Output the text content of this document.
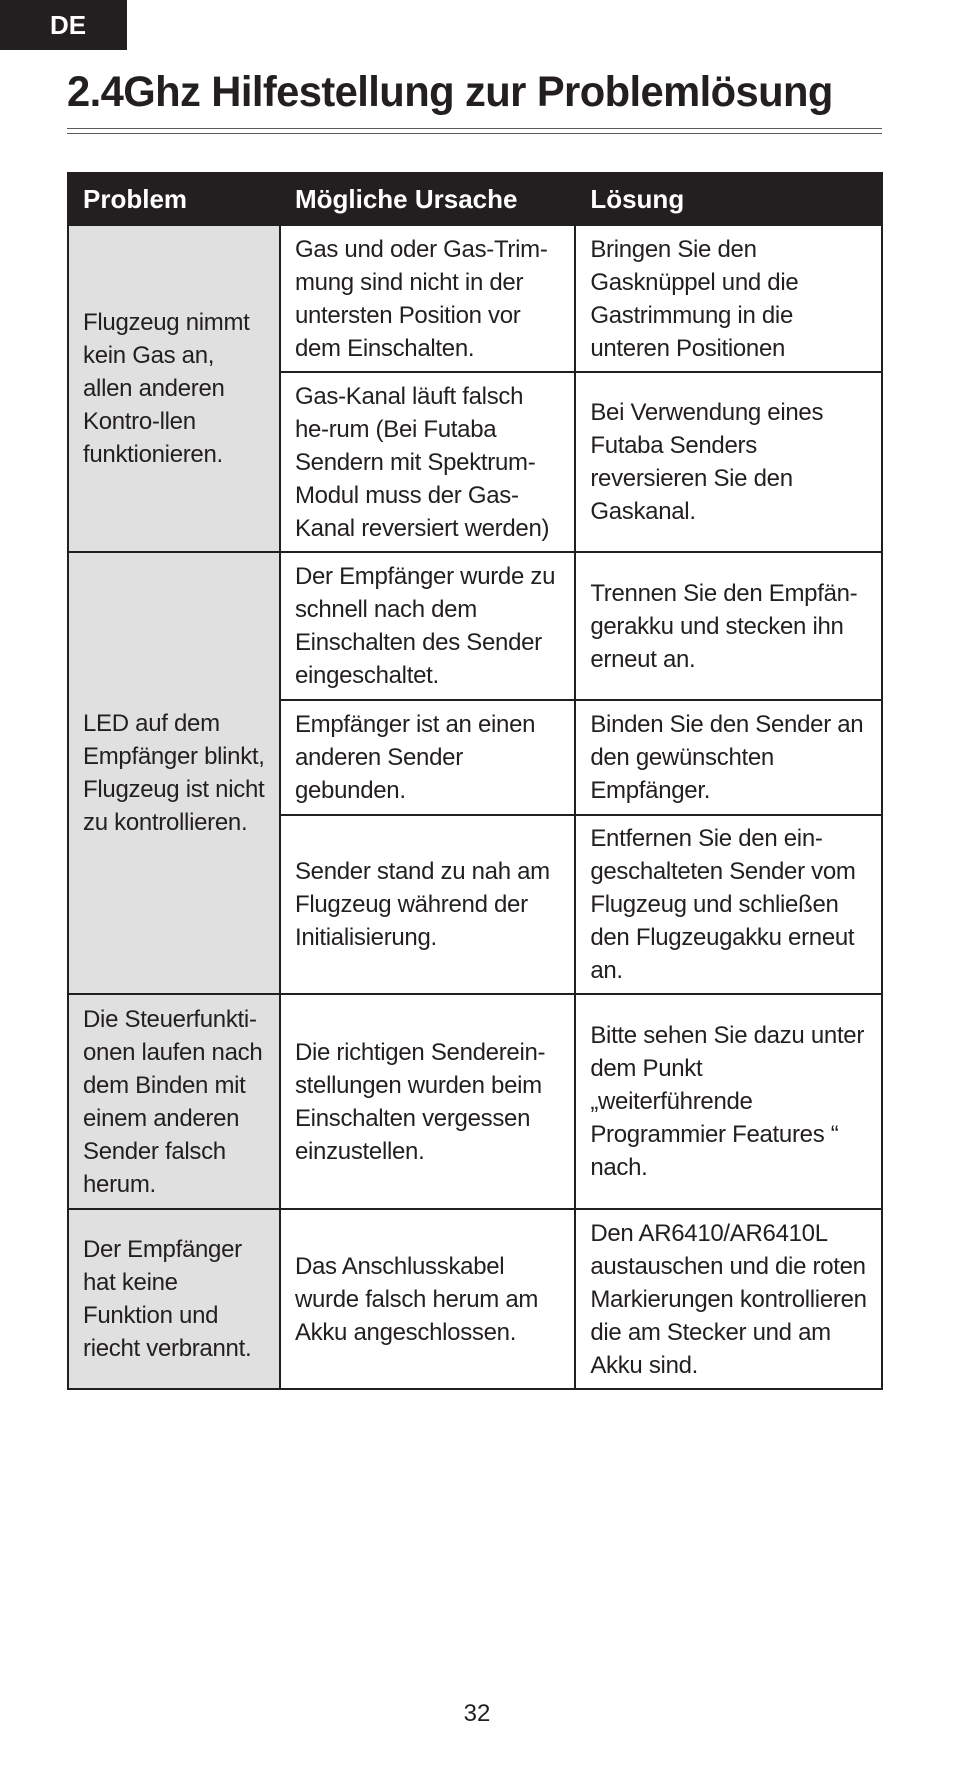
DE
2.4Ghz Hilfestellung zur Problemlösung
Problem	Mögliche Ursache	Lösung
Flugzeug nimmt kein Gas an, allen anderen Kontro-llen funktionieren.	Gas und oder Gas-Trim-mung sind nicht in der untersten Position vor dem Einschalten.	Bringen Sie den Gasknüppel und die Gastrimmung in die unteren Positionen
	Gas-Kanal läuft falsch he-rum (Bei Futaba Sendern mit Spektrum-Modul muss der Gas-Kanal reversiert werden)	Bei Verwendung eines Futaba Senders reversieren Sie den Gaskanal.
LED auf dem Empfänger blinkt, Flugzeug ist nicht zu kontrollieren.	Der Empfänger wurde zu schnell nach dem Einschalten des Sender eingeschaltet.	Trennen Sie den Empfän-gerakku und stecken ihn erneut an.
	Empfänger ist an einen anderen Sender gebunden.	Binden Sie den Sender an den gewünschten Empfänger.
	Sender stand zu nah am Flugzeug während der Initialisierung.	Entfernen Sie den ein-geschalteten Sender vom Flugzeug und schließen den Flugzeugakku erneut an.
Die Steuerfunkti-onen laufen nach dem Binden mit einem anderen Sender falsch herum.	Die richtigen Senderein-stellungen wurden beim Einschalten vergessen einzustellen.	Bitte sehen Sie dazu unter dem Punkt „weiterführende Programmier Features “ nach.
Der Empfänger hat keine Funktion und riecht verbrannt.	Das Anschlusskabel wurde falsch herum am Akku angeschlossen.	Den AR6410/AR6410L austauschen und die roten Markierungen kontrollieren die am Stecker und am Akku sind.
32
